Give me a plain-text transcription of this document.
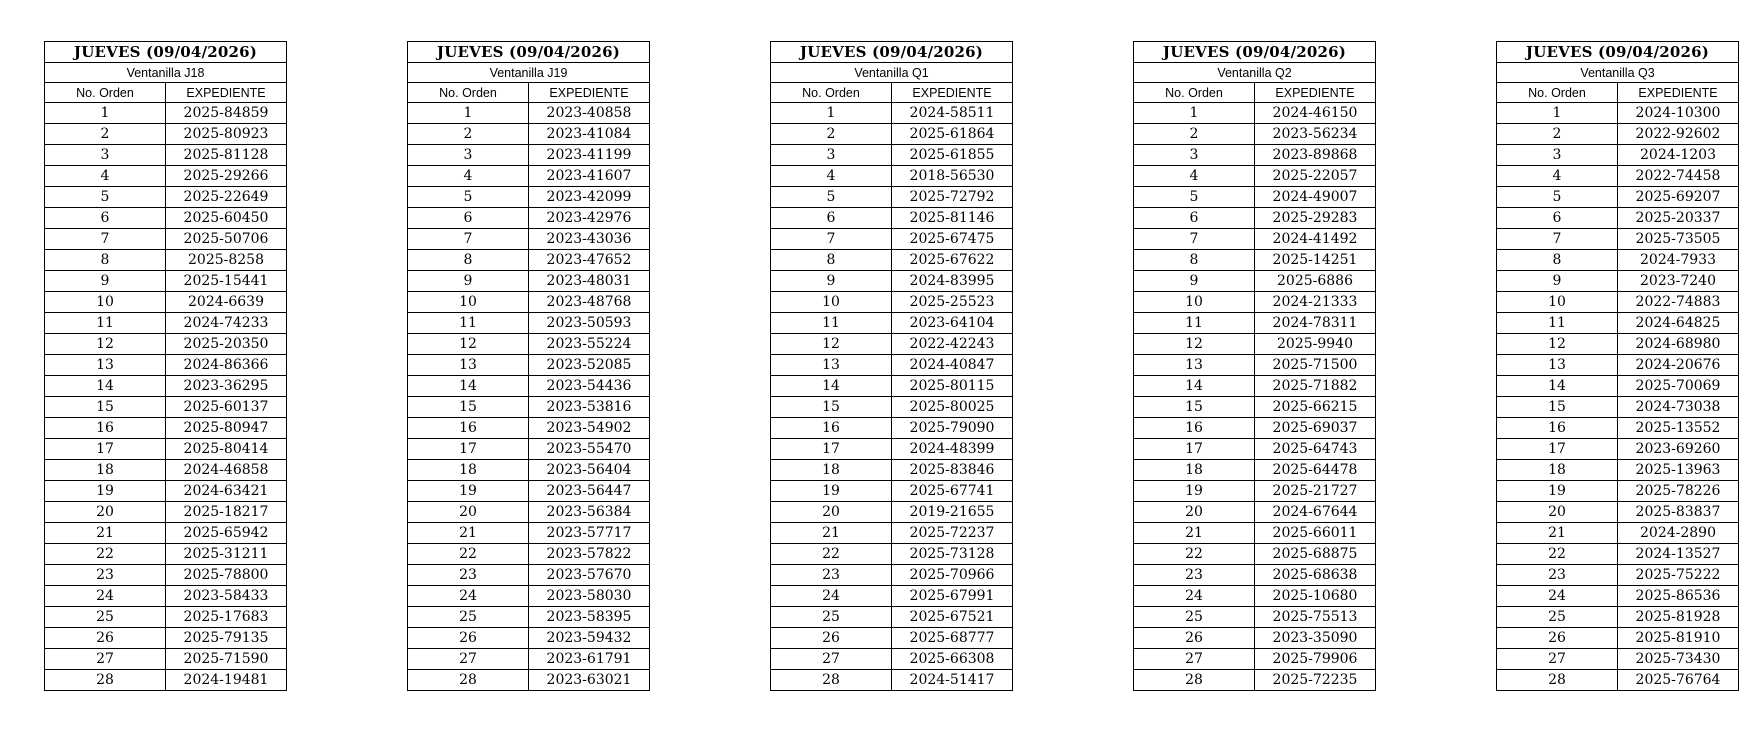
JUEVES (09/04/2026)	
Ventanilla J18	
No. Orden	EXPEDIENTE
1	2025-84859
2	2025-80923
3	2025-81128
4	2025-29266
5	2025-22649
6	2025-60450
7	2025-50706
8	2025-8258
9	2025-15441
10	2024-6639
11	2024-74233
12	2025-20350
13	2024-86366
14	2023-36295
15	2025-60137
16	2025-80947
17	2025-80414
18	2024-46858
19	2024-63421
20	2025-18217
21	2025-65942
22	2025-31211
23	2025-78800
24	2023-58433
25	2025-17683
26	2025-79135
27	2025-71590
28	2024-19481
JUEVES (09/04/2026)	
Ventanilla J19	
No. Orden	EXPEDIENTE
1	2023-40858
2	2023-41084
3	2023-41199
4	2023-41607
5	2023-42099
6	2023-42976
7	2023-43036
8	2023-47652
9	2023-48031
10	2023-48768
11	2023-50593
12	2023-55224
13	2023-52085
14	2023-54436
15	2023-53816
16	2023-54902
17	2023-55470
18	2023-56404
19	2023-56447
20	2023-56384
21	2023-57717
22	2023-57822
23	2023-57670
24	2023-58030
25	2023-58395
26	2023-59432
27	2023-61791
28	2023-63021
JUEVES (09/04/2026)	
Ventanilla Q1	
No. Orden	EXPEDIENTE
1	2024-58511
2	2025-61864
3	2025-61855
4	2018-56530
5	2025-72792
6	2025-81146
7	2025-67475
8	2025-67622
9	2024-83995
10	2025-25523
11	2023-64104
12	2022-42243
13	2024-40847
14	2025-80115
15	2025-80025
16	2025-79090
17	2024-48399
18	2025-83846
19	2025-67741
20	2019-21655
21	2025-72237
22	2025-73128
23	2025-70966
24	2025-67991
25	2025-67521
26	2025-68777
27	2025-66308
28	2024-51417
JUEVES (09/04/2026)	
Ventanilla Q2	
No. Orden	EXPEDIENTE
1	2024-46150
2	2023-56234
3	2023-89868
4	2025-22057
5	2024-49007
6	2025-29283
7	2024-41492
8	2025-14251
9	2025-6886
10	2024-21333
11	2024-78311
12	2025-9940
13	2025-71500
14	2025-71882
15	2025-66215
16	2025-69037
17	2025-64743
18	2025-64478
19	2025-21727
20	2024-67644
21	2025-66011
22	2025-68875
23	2025-68638
24	2025-10680
25	2025-75513
26	2023-35090
27	2025-79906
28	2025-72235
JUEVES (09/04/2026)	
Ventanilla Q3	
No. Orden	EXPEDIENTE
1	2024-10300
2	2022-92602
3	2024-1203
4	2022-74458
5	2025-69207
6	2025-20337
7	2025-73505
8	2024-7933
9	2023-7240
10	2022-74883
11	2024-64825
12	2024-68980
13	2024-20676
14	2025-70069
15	2024-73038
16	2025-13552
17	2023-69260
18	2025-13963
19	2025-78226
20	2025-83837
21	2024-2890
22	2024-13527
23	2025-75222
24	2025-86536
25	2025-81928
26	2025-81910
27	2025-73430
28	2025-76764
